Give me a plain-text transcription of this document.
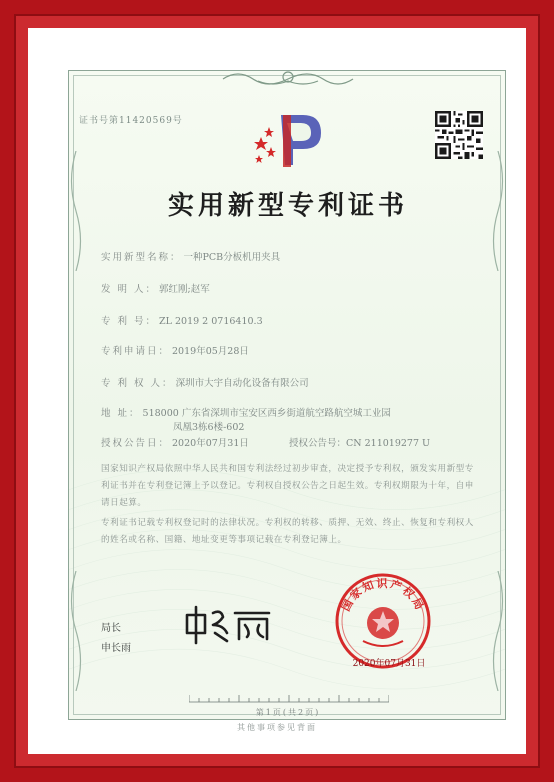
证书号第11420569号
实用新型专利证书
实用新型名称： 一种PCB分板机用夹具
发 明 人： 郭红刚;赵军
专 利 号： ZL 2019 2 0716410.3
专利申请日： 2019年05月28日
专 利 权 人： 深圳市大宇自动化设备有限公司
地 址： 518000 广东省深圳市宝安区西乡街道航空路航空城工业园
凤凰3栋6楼-602
授权公告日： 2020年07月31日	授权公告号：CN 211019277 U
国家知识产权局依照中华人民共和国专利法经过初步审查，决定授予专利权，颁发实用新型专利证书并在专利登记簿上予以登记。专利权自授权公告之日起生效。专利权期限为十年，自申请日起算。
专利证书记载专利权登记时的法律状况。专利权的转移、质押、无效、终止、恢复和专利权人的姓名或名称、国籍、地址变更等事项记载在专利登记簿上。
国家知识产权局
2020年07月31日
局长
申长雨
第1页(共2页)
其他事项参见背面
